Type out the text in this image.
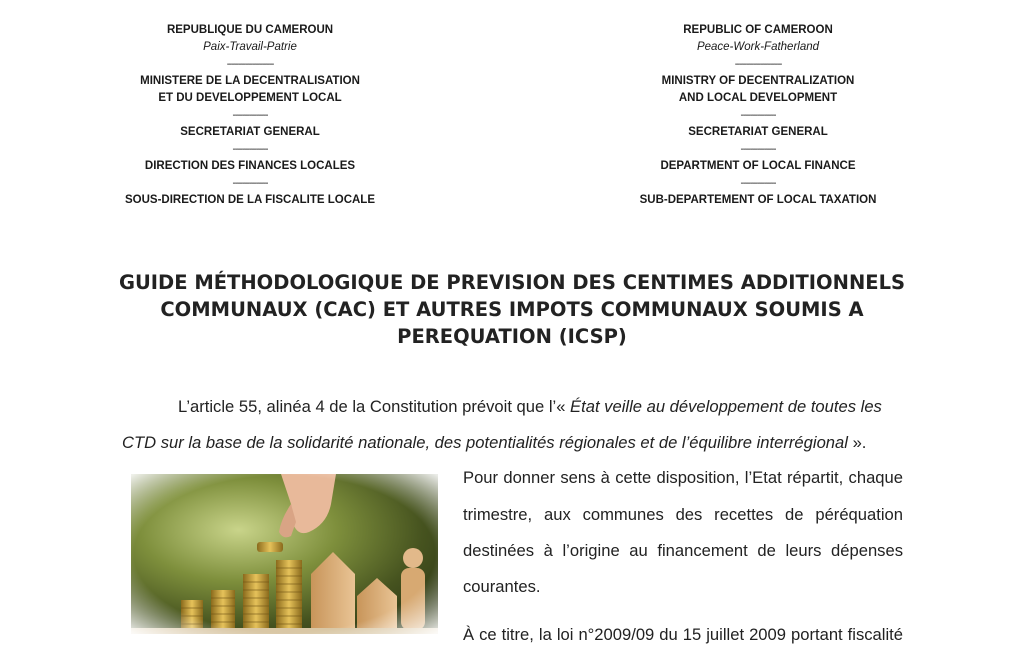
REPUBLIQUE DU CAMEROUN
Paix-Travail-Patrie
--------------------
MINISTERE DE LA DECENTRALISATION
ET DU DEVELOPPEMENT LOCAL
---------------
SECRETARIAT GENERAL
---------------
DIRECTION DES FINANCES LOCALES
---------------
SOUS-DIRECTION DE LA FISCALITE LOCALE
REPUBLIC OF CAMEROON
Peace-Work-Fatherland
--------------------
MINISTRY OF DECENTRALIZATION
AND LOCAL DEVELOPMENT
---------------
SECRETARIAT GENERAL
---------------
DEPARTMENT OF LOCAL FINANCE
---------------
SUB-DEPARTEMENT OF LOCAL TAXATION
GUIDE MÉTHODOLOGIQUE DE PREVISION DES CENTIMES ADDITIONNELS
COMMUNAUX (CAC) ET AUTRES IMPOTS COMMUNAUX SOUMIS A
PEREQUATION (ICSP)
L’article 55, alinéa 4 de la Constitution prévoit que l’« État veille au développement de toutes les
CTD sur la base de la solidarité nationale, des potentialités régionales et de l’équilibre interrégional ».
Pour donner sens à cette disposition, l’Etat répartit, chaque
trimestre, aux communes des recettes de péréquation
destinées à l’origine au financement de leurs dépenses
courantes.
À ce titre, la loi n°2009/09 du 15 juillet 2009 portant fiscalité
